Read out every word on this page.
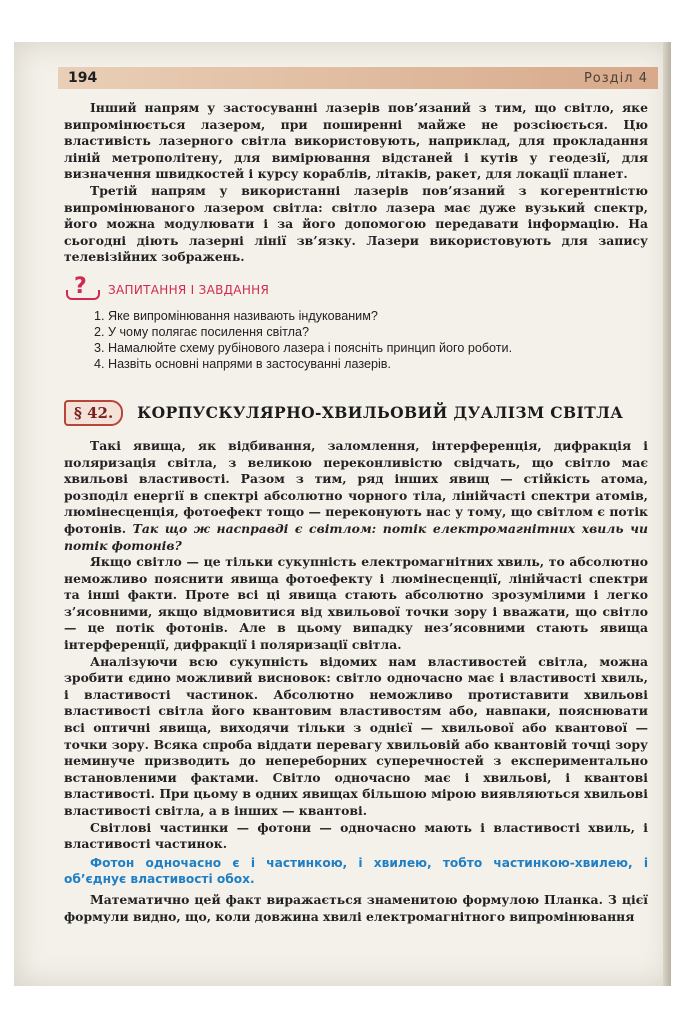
194	Розділ 4

Інший напрям у застосуванні лазерів пов’язаний з тим, що світло, яке випромінюється лазером, при поширенні майже не розсіюється. Цю властивість лазерного світла використовують, наприклад, для прокладання ліній метрополітену, для вимірювання відстаней і кутів у геодезії, для визначення швидкостей і курсу кораблів, літаків, ракет, для локації планет.

Третій напрям у використанні лазерів пов’язаний з когерентністю випромінюваного лазером світла: світло лазера має дуже вузький спектр, його можна модулювати і за його допомогою передавати інформацію. На сьогодні діють лазерні лінії зв’язку. Лазери використовують для запису телевізійних зображень.

? ЗАПИТАННЯ І ЗАВДАННЯ
1. Яке випромінювання називають індукованим?
2. У чому полягає посилення світла?
3. Намалюйте схему рубінового лазера і поясніть принцип його роботи.
4. Назвіть основні напрями в застосуванні лазерів.
§ 42.	КОРПУСКУЛЯРНО-ХВИЛЬОВИЙ ДУАЛІЗМ СВІТЛА

Такі явища, як відбивання, заломлення, інтерференція, дифракція і поляризація світла, з великою переконливістю свідчать, що світло має хвильові властивості. Разом з тим, ряд інших явищ — стійкість атома, розподіл енергії в спектрі абсолютно чорного тіла, лінійчасті спектри атомів, люмінесценція, фотоефект тощо — переконують нас у тому, що світлом є потік фотонів. Так що ж насправді є світлом: потік електромагнітних хвиль чи потік фотонів?

Якщо світло — це тільки сукупність електромагнітних хвиль, то абсолютно неможливо пояснити явища фотоефекту і люмінесценції, лінійчасті спектри та інші факти. Проте всі ці явища стають абсолютно зрозумілими і легко з’ясовними, якщо відмовитися від хвильової точки зору і вважати, що світло — це потік фотонів. Але в цьому випадку нез’ясовними стають явища інтерференції, дифракції і поляризації світла.

Аналізуючи всю сукупність відомих нам властивостей світла, можна зробити єдино можливий висновок: світло одночасно має і властивості хвиль, і властивості частинок. Абсолютно неможливо протиставити хвильові властивості світла його квантовим властивостям або, навпаки, пояснювати всі оптичні явища, виходячи тільки з однієї — хвильової або квантової — точки зору. Всяка спроба віддати перевагу хвильовій або квантовій точці зору неминуче призводить до непереборних суперечностей з експериментально встановленими фактами. Світло одночасно має і хвильові, і квантові властивості. При цьому в одних явищах більшою мірою виявляються хвильові властивості світла, а в інших — квантові.

Світлові частинки — фотони — одночасно мають і властивості хвиль, і властивості частинок.

Фотон одночасно є і частинкою, і хвилею, тобто частинкою-хвилею, і об’єднує властивості обох.

Математично цей факт виражається знаменитою формулою Планка. З цієї формули видно, що, коли довжина хвилі електромагнітного випромінювання
